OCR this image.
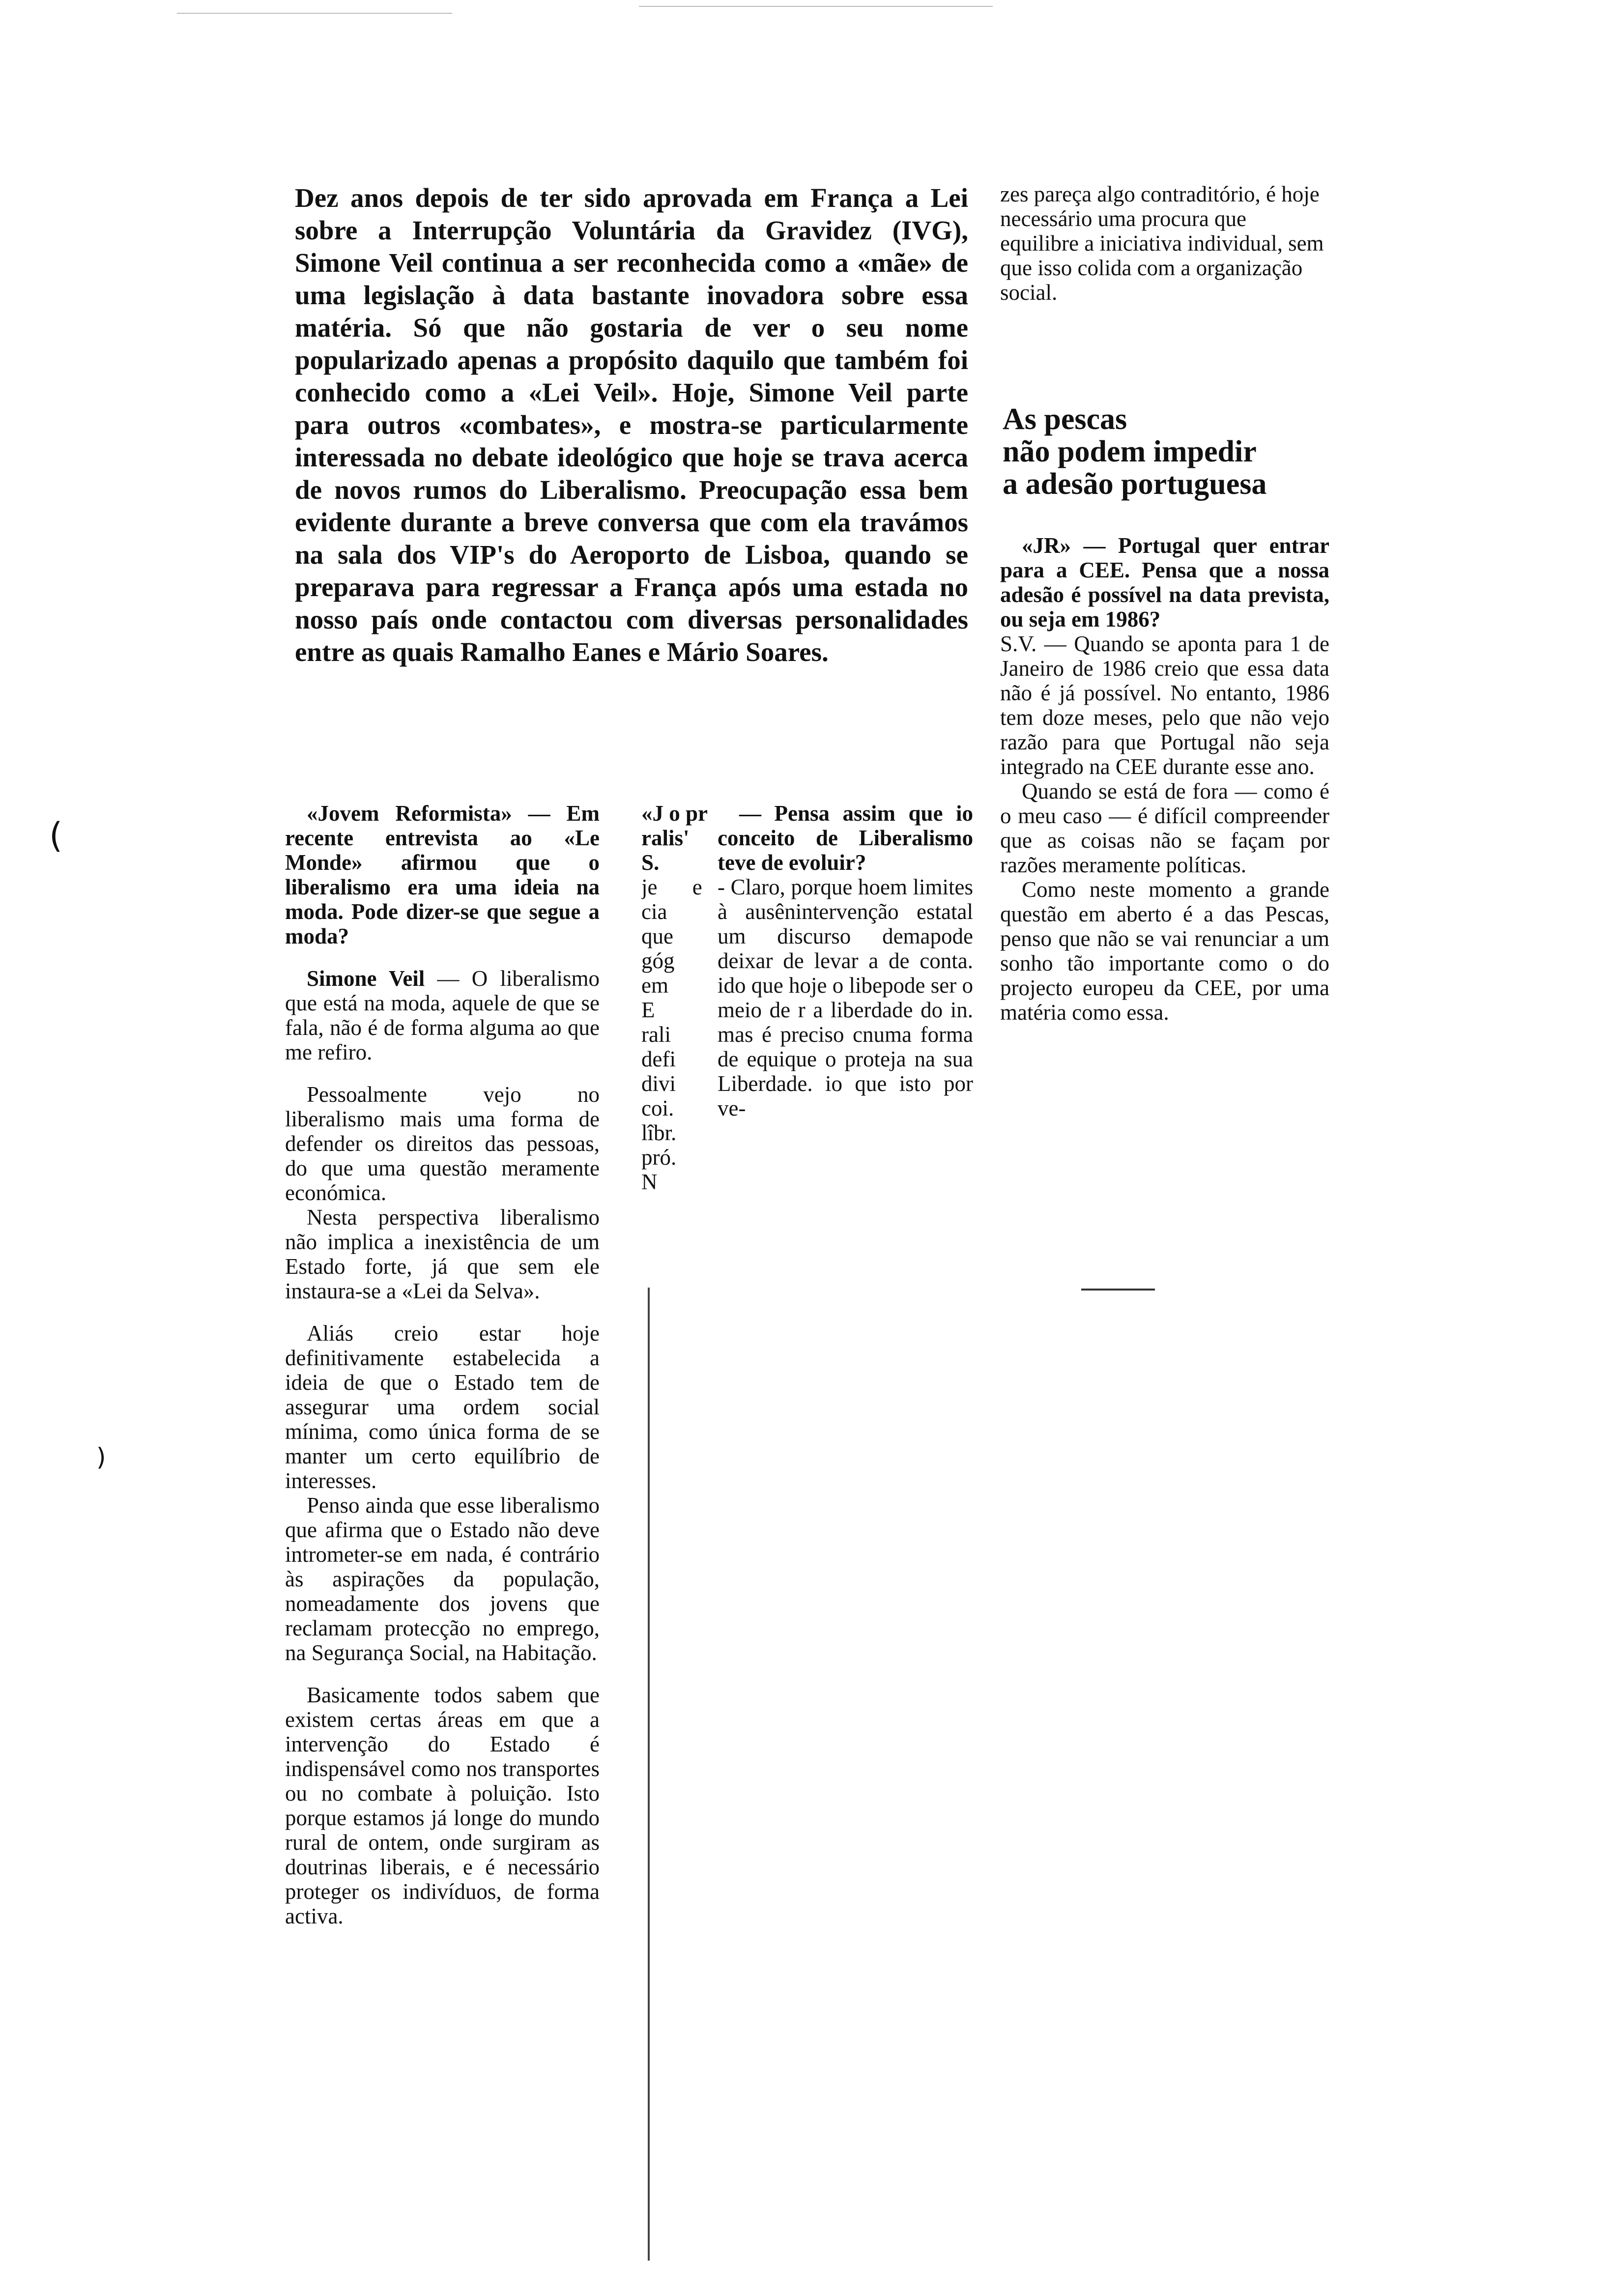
Dez anos depois de ter sido aprovada em França a Lei sobre a Interrupção Voluntária da Gravidez (IVG), Simone Veil continua a ser reconhecida como a «mãe» de uma legislação à data bastante inovadora sobre essa matéria. Só que não gostaria de ver o seu nome popularizado apenas a propósito daquilo que também foi conhecido como a «Lei Veil». Hoje, Simone Veil parte para outros «combates», e mostra-se particularmente interessada no debate ideológico que hoje se trava acerca de novos rumos do Liberalismo. Preocupação essa bem evidente durante a breve conversa que com ela travámos na sala dos VIP's do Aeroporto de Lisboa, quando se preparava para regressar a França após uma estada no nosso país onde contactou com diversas personalidades entre as quais Ramalho Eanes e Mário Soares.

«Jovem Reformista» — Em recente entrevista ao «Le Monde» afirmou que o liberalismo era uma ideia na moda. Pode dizer-se que segue a moda?

Simone Veil — O liberalismo que está na moda, aquele de que se fala, não é de forma alguma ao que me refiro.

Pessoalmente vejo no liberalismo mais uma forma de defender os direitos das pessoas, do que uma questão meramente económica.

Nesta perspectiva liberalismo não implica a inexistência de um Estado forte, já que sem ele instaura-se a «Lei da Selva».

Aliás creio estar hoje definitivamente estabelecida a ideia de que o Estado tem de assegurar uma ordem social mínima, como única forma de se manter um certo equilíbrio de interesses.

Penso ainda que esse liberalismo que afirma que o Estado não deve intrometer-se em nada, é contrário às aspirações da população, nomeadamente dos jovens que reclamam protecção no emprego, na Segurança Social, na Habitação.

Basicamente todos sabem que existem certas áreas em que a intervenção do Estado é indispensável como nos transportes ou no combate à poluição. Isto porque estamos já longe do mundo rural de ontem, onde surgiram as doutrinas liberais, e é necessário proteger os indivíduos, de forma activa.

«J o pr ralis'

S.

je e cia que góg em E rali defi divi coi. lîbr. pró. N

— Pensa assim que io conceito de Liberalismo teve de evoluir?

- Claro, porque hoem limites à ausênintervenção estatal um discurso demapode deixar de levar a de conta. ido que hoje o libepode ser o meio de r a liberdade do in. mas é preciso cnuma forma de equique o proteja na sua Liberdade. io que isto por ve-

zes pareça algo contraditório, é hoje necessário uma procura que equilibre a iniciativa individual, sem que isso colida com a organização social.

As pescas
não podem impedir
a adesão portuguesa

«JR» — Portugal quer entrar para a CEE. Pensa que a nossa adesão é possível na data prevista, ou seja em 1986?

S.V. — Quando se aponta para 1 de Janeiro de 1986 creio que essa data não é já possível. No entanto, 1986 tem doze meses, pelo que não vejo razão para que Portugal não seja integrado na CEE durante esse ano.

Quando se está de fora — como é o meu caso — é difícil compreender que as coisas não se façam por razões meramente políticas.

Como neste momento a grande questão em aberto é a das Pescas, penso que não se vai renunciar a um sonho tão importante como o do projecto europeu da CEE, por uma matéria como essa.

(
)
